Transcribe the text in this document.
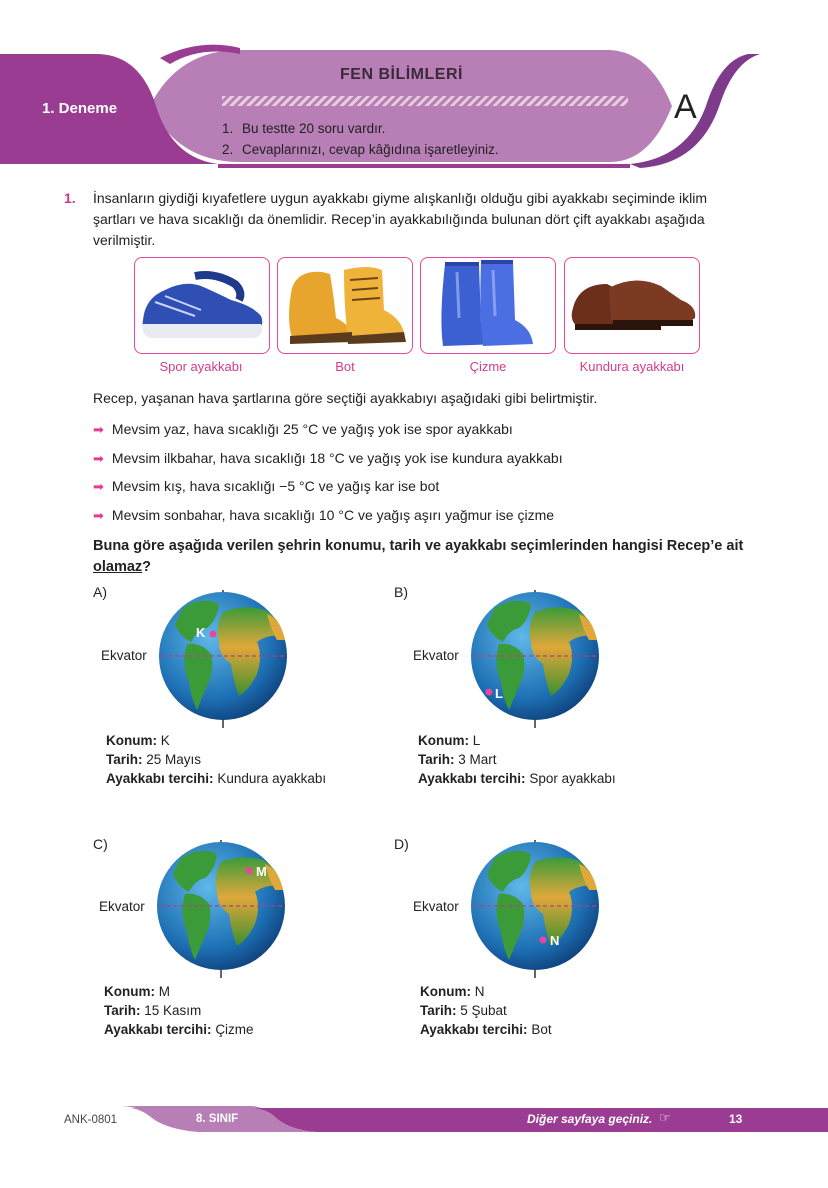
1. Deneme
FEN BİLİMLERİ
1. Bu testte 20 soru vardır.
2. Cevaplarınızı, cevap kâğıdına işaretleyiniz.
A
1. İnsanların giydiği kıyafetlere uygun ayakkabı giyme alışkanlığı olduğu gibi ayakkabı seçiminde iklim şartları ve hava sıcaklığı da önemlidir. Recep’in ayakkabılığında bulunan dört çift ayakkabı aşağıda verilmiştir.
Spor ayakkabı	Bot	Çizme	Kundura ayakkabı
Recep, yaşanan hava şartlarına göre seçtiği ayakkabıyı aşağıdaki gibi belirtmiştir.
➡ Mevsim yaz, hava sıcaklığı 25 °C ve yağış yok ise spor ayakkabı
➡ Mevsim ilkbahar, hava sıcaklığı 18 °C ve yağış yok ise kundura ayakkabı
➡ Mevsim kış, hava sıcaklığı −5 °C ve yağış kar ise bot
➡ Mevsim sonbahar, hava sıcaklığı 10 °C ve yağış aşırı yağmur ise çizme
Buna göre aşağıda verilen şehrin konumu, tarih ve ayakkabı seçimlerinden hangisi Recep’e ait olamaz?
A)
K
Ekvator
Konum: K
Tarih: 25 Mayıs
Ayakkabı tercihi: Kundura ayakkabı
B)
L
Ekvator
Konum: L
Tarih: 3 Mart
Ayakkabı tercihi: Spor ayakkabı
C)
M
Ekvator
Konum: M
Tarih: 15 Kasım
Ayakkabı tercihi: Çizme
D)
N
Ekvator
Konum: N
Tarih: 5 Şubat
Ayakkabı tercihi: Bot
ANK-0801	8. SINIF	Diğer sayfaya geçiniz. ☞	13
